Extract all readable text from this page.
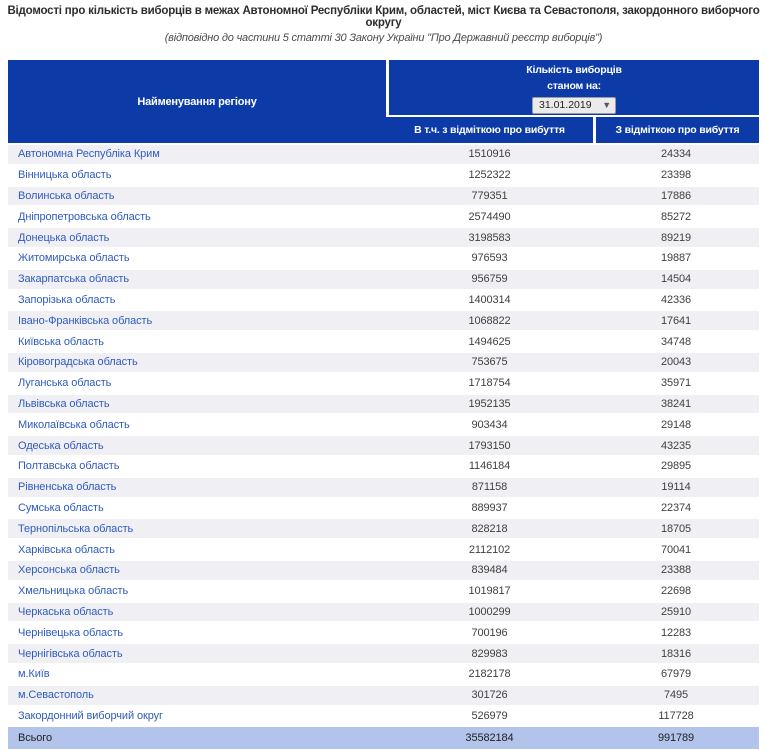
Відомості про кількість виборців в межах Автономної Республіки Крим, областей, міст Києва та Севастополя, закордонного виборчого округу
(відповідно до частини 5 статті 30 Закону України "Про Державний реєстр виборців")
Найменування регіону	Кількість виборців
станом на:
31.01.2019
▼

	В т.ч. з відміткою про вибуття	З відміткою про вибуття
Автономна Республіка Крим	1510916	24334
Вінницька область	1252322	23398
Волинська область	779351	17886
Дніпропетровська область	2574490	85272
Донецька область	3198583	89219
Житомирська область	976593	19887
Закарпатська область	956759	14504
Запорізька область	1400314	42336
Івано-Франківська область	1068822	17641
Київська область	1494625	34748
Кіровоградська область	753675	20043
Луганська область	1718754	35971
Львівська область	1952135	38241
Миколаївська область	903434	29148
Одеська область	1793150	43235
Полтавська область	1146184	29895
Рівненська область	871158	19114
Сумська область	889937	22374
Тернопільська область	828218	18705
Харківська область	2112102	70041
Херсонська область	839484	23388
Хмельницька область	1019817	22698
Черкаська область	1000299	25910
Чернівецька область	700196	12283
Чернігівська область	829983	18316
м.Київ	2182178	67979
м.Севастополь	301726	7495
Закордонний виборчий округ	526979	117728
Всього	35582184	991789
